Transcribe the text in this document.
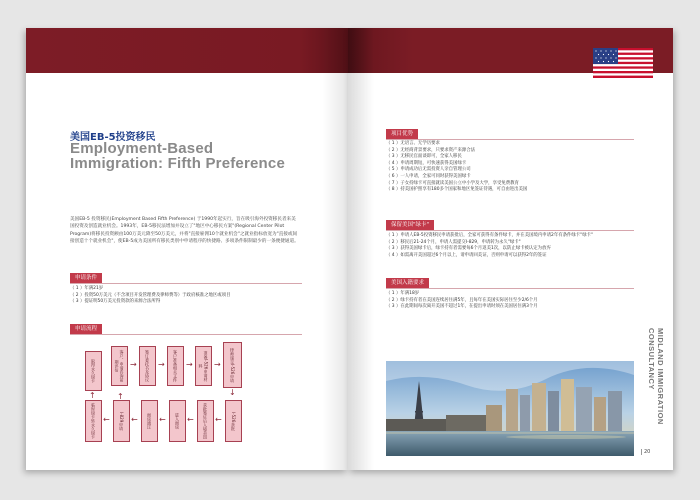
美国EB-5投资移民
Employment-Based Immigration: Fifth Preference

美国EB-5 投资移民(Employment Based Fifth Preference) 于1990年起实行，旨在吸引海外投资移民者来美国投资及创造就业机会。1993年，EB-5移民法增加并设立了"地区中心移民方案"(Regional Center Pilot Program)将移民投资额由100万美元降至50万美元，并将"直接雇佣10个就业机会"之就业指标放宽为"直接或间接创造十个就业机会"，使EB-5成为美国所有移民类别中申请程序的快捷路、多项条件限制最少的一条便捷通道。

申请条件
（ 1 ）年满21岁
（ 2 ）投资50万美元（不含项目开发管理费及律师费等）于政府核准之地区或项目
（ 3 ）提证明50万美元投资款的来源合法所得
申请流程
客户、申请咨询前期评估	→	签订委托书及协议	→	客户准备相关文件	→	准备I-526申请材料	→	律师递交I-526申请
↓
I-526获批
←
获批签证后入境美国
←
进入面谈
←
面谈通过
←
I-829申请
↑
临时绿卡转永久绿卡 ←
取得永久绿卡
↑
项目优势
（ 1 ）无语言、无学历要求
（ 2 ）无经商背景要求，只要求资产来源合法
（ 3 ）无移民官面谈即可，全家人移民
（ 4 ）申请周期短，可快速获得美国绿卡
（ 5 ）申请成功后无需投资人亲自管理公司
（ 6 ）一人申请，全家可同时获得美国绿卡
（ 7 ）子女持绿卡可直接就读美国公立中小学及大学，享受免费教育
（ 8 ）持美国护照享有180多个国家和地区免签证待遇，可自由进出美国
保留美国"绿卡"
（ 1 ）申请人EB-5投资移民申请获批后，全家可获得有条件绿卡，并在美国境内申请2年有条件绿卡"绿卡"
（ 2 ）移民后21-24个月，申请人需提交I-829，申请转为永久"绿卡"
（ 3 ）获得美国绿卡后，绿卡持有者需要每6个月返美1次，以防止绿卡被认定为放弃
（ 4 ）如需离开美国超过6个月以上，请申请回美证，否则申请可以获得2年的签证
美国入籍要求
（ 1 ）年满18岁
（ 2 ）绿卡持有者在美国连续居住满5年，且每年在美国实际居住至少2/6个月
（ 3 ）在此期间每次离开美国不超过1年，在提出申请时须在美国居住满3个月
MIDLAND IMMIGRATION CONSULTANCY
20
